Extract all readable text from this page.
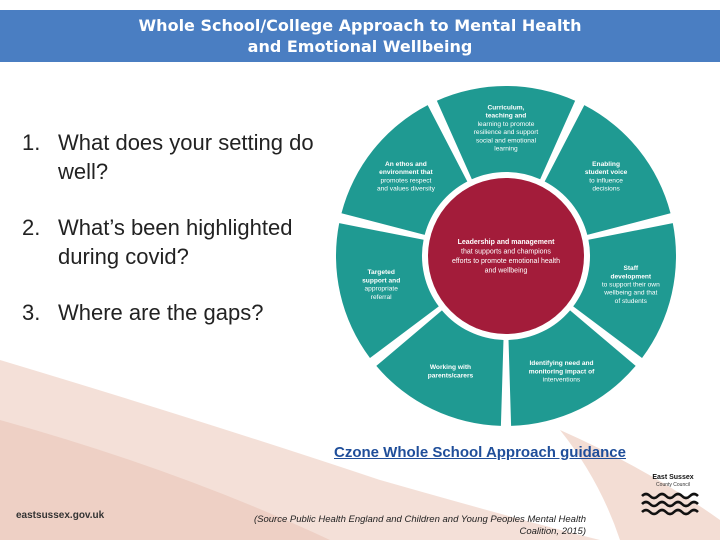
Whole School/College Approach to Mental Health
and Emotional Wellbeing
1. What does your setting do well?
2. What’s been highlighted during covid?
3. Where are the gaps?
Curriculum, teaching and learning to promote resilience and support social and emotional learning
Enabling student voice to influence decisions
Staff development to support their own wellbeing and that of students
Identifying need and monitoring impact of interventions
Working with parents/carers
Targeted support and appropriate referral
An ethos and environment that promotes respect and values diversity
Leadership and management that supports and champions efforts to promote emotional health and wellbeing
Czone Whole School Approach guidance
eastsussex.gov.uk	(Source Public Health England and Children and Young Peoples Mental Health
Coalition, 2015)
East Sussex
County Council
